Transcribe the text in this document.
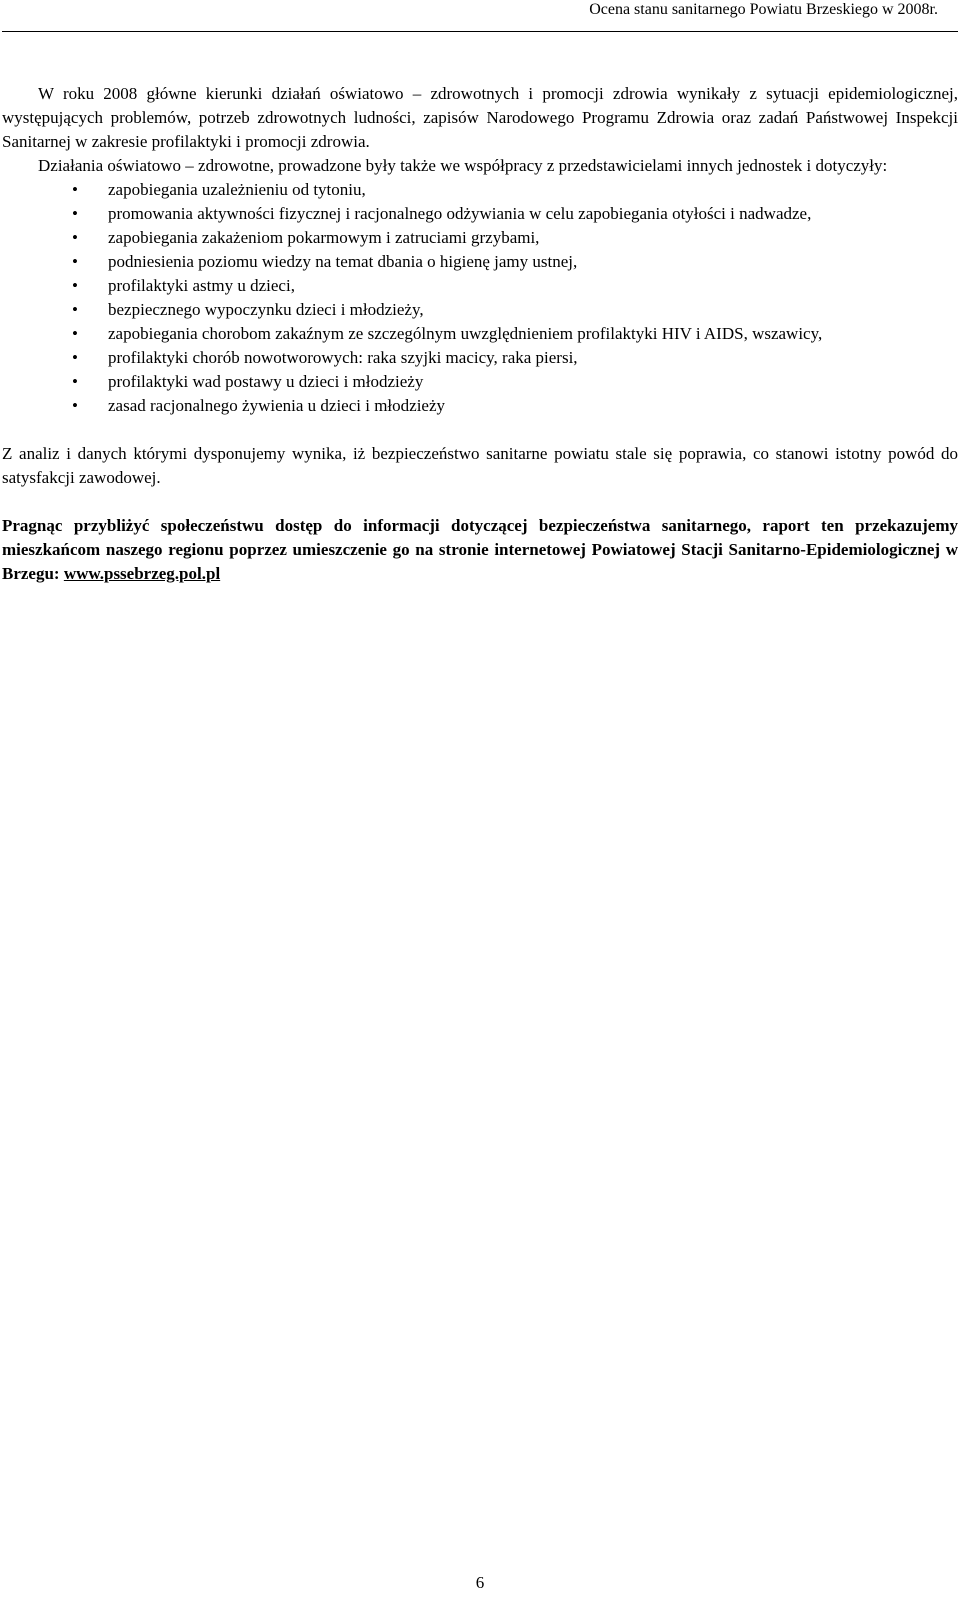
Ocena stanu sanitarnego Powiatu Brzeskiego w 2008r.

W roku 2008 główne kierunki działań oświatowo – zdrowotnych i promocji zdrowia wynikały z sytuacji epidemiologicznej, występujących problemów, potrzeb zdrowotnych ludności, zapisów Narodowego Programu Zdrowia oraz zadań Państwowej Inspekcji Sanitarnej w zakresie profilaktyki i promocji zdrowia.

Działania oświatowo – zdrowotne, prowadzone były także we współpracy z przedstawicielami innych jednostek i dotyczyły:

• zapobiegania uzależnieniu od tytoniu,
• promowania aktywności fizycznej i racjonalnego odżywiania w celu zapobiegania otyłości i nadwadze,
• zapobiegania zakażeniom pokarmowym i zatruciami grzybami,
• podniesienia poziomu wiedzy na temat dbania o higienę jamy ustnej,
• profilaktyki astmy u dzieci,
• bezpiecznego wypoczynku dzieci i młodzieży,
• zapobiegania chorobom zakaźnym ze szczególnym uwzględnieniem profilaktyki HIV i AIDS, wszawicy,
• profilaktyki chorób nowotworowych: raka szyjki macicy, raka piersi,
• profilaktyki wad postawy u dzieci i młodzieży
• zasad racjonalnego żywienia u dzieci i młodzieży

Z analiz i danych którymi dysponujemy wynika, iż bezpieczeństwo sanitarne powiatu stale się poprawia, co stanowi istotny powód do satysfakcji zawodowej.

Pragnąc przybliżyć społeczeństwu dostęp do informacji dotyczącej bezpieczeństwa sanitarnego, raport ten przekazujemy mieszkańcom naszego regionu poprzez umieszczenie go na stronie internetowej Powiatowej Stacji Sanitarno-Epidemiologicznej w Brzegu: www.pssebrzeg.pol.pl

6
